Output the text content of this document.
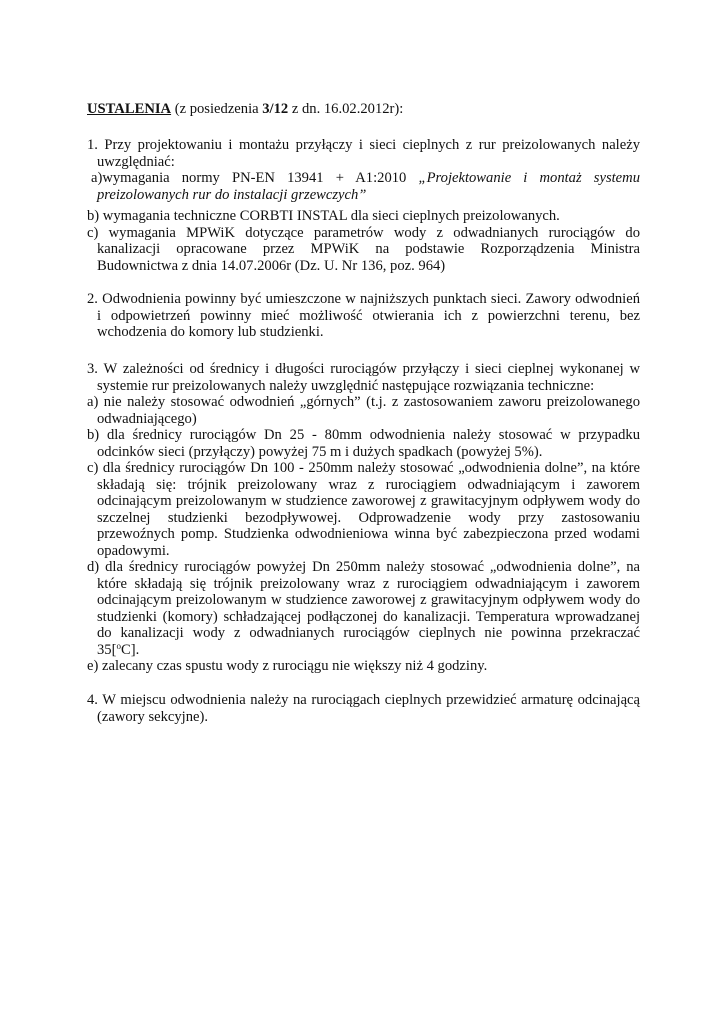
USTALENIA (z posiedzenia 3/12 z dn. 16.02.2012r):
1. Przy projektowaniu i montażu przyłączy i sieci cieplnych z rur preizolowanych należy
uwzględniać:
a)wymagania normy PN-EN 13941 + A1:2010 „Projektowanie i montaż systemu
preizolowanych rur do instalacji grzewczych”
b) wymagania techniczne CORBTI INSTAL dla sieci cieplnych preizolowanych.
c) wymagania MPWiK dotyczące parametrów wody z odwadnianych rurociągów do
kanalizacji opracowane przez MPWiK na podstawie Rozporządzenia Ministra
Budownictwa z dnia 14.07.2006r (Dz. U. Nr 136, poz. 964)
2. Odwodnienia powinny być umieszczone w najniższych punktach sieci. Zawory odwodnień
i odpowietrzeń powinny mieć możliwość otwierania ich z powierzchni terenu, bez
wchodzenia do komory lub studzienki.
3. W zależności od średnicy i długości rurociągów przyłączy i sieci cieplnej wykonanej w
systemie rur preizolowanych należy uwzględnić następujące rozwiązania techniczne:
a) nie należy stosować odwodnień „górnych” (t.j. z zastosowaniem zaworu preizolowanego
odwadniającego)
b) dla średnicy rurociągów Dn 25 - 80mm odwodnienia należy stosować w przypadku
odcinków sieci (przyłączy) powyżej 75 m i dużych spadkach (powyżej 5%).
c) dla średnicy rurociągów Dn 100 - 250mm należy stosować „odwodnienia dolne”, na które
składają się: trójnik preizolowany wraz z rurociągiem odwadniającym i zaworem
odcinającym preizolowanym w studzience zaworowej z grawitacyjnym odpływem wody do
szczelnej studzienki bezodpływowej. Odprowadzenie wody przy zastosowaniu
przewoźnych pomp. Studzienka odwodnieniowa winna być zabezpieczona przed wodami
opadowymi.
d) dla średnicy rurociągów powyżej Dn 250mm należy stosować „odwodnienia dolne”, na
które składają się trójnik preizolowany wraz z rurociągiem odwadniającym i zaworem
odcinającym preizolowanym w studzience zaworowej z grawitacyjnym odpływem wody do
studzienki (komory) schładzającej podłączonej do kanalizacji. Temperatura wprowadzanej
do kanalizacji wody z odwadnianych rurociągów cieplnych nie powinna przekraczać
35[$^o$C].
e) zalecany czas spustu wody z rurociągu nie większy niż 4 godziny.
4. W miejscu odwodnienia należy na rurociągach cieplnych przewidzieć armaturę odcinającą
(zawory sekcyjne).
